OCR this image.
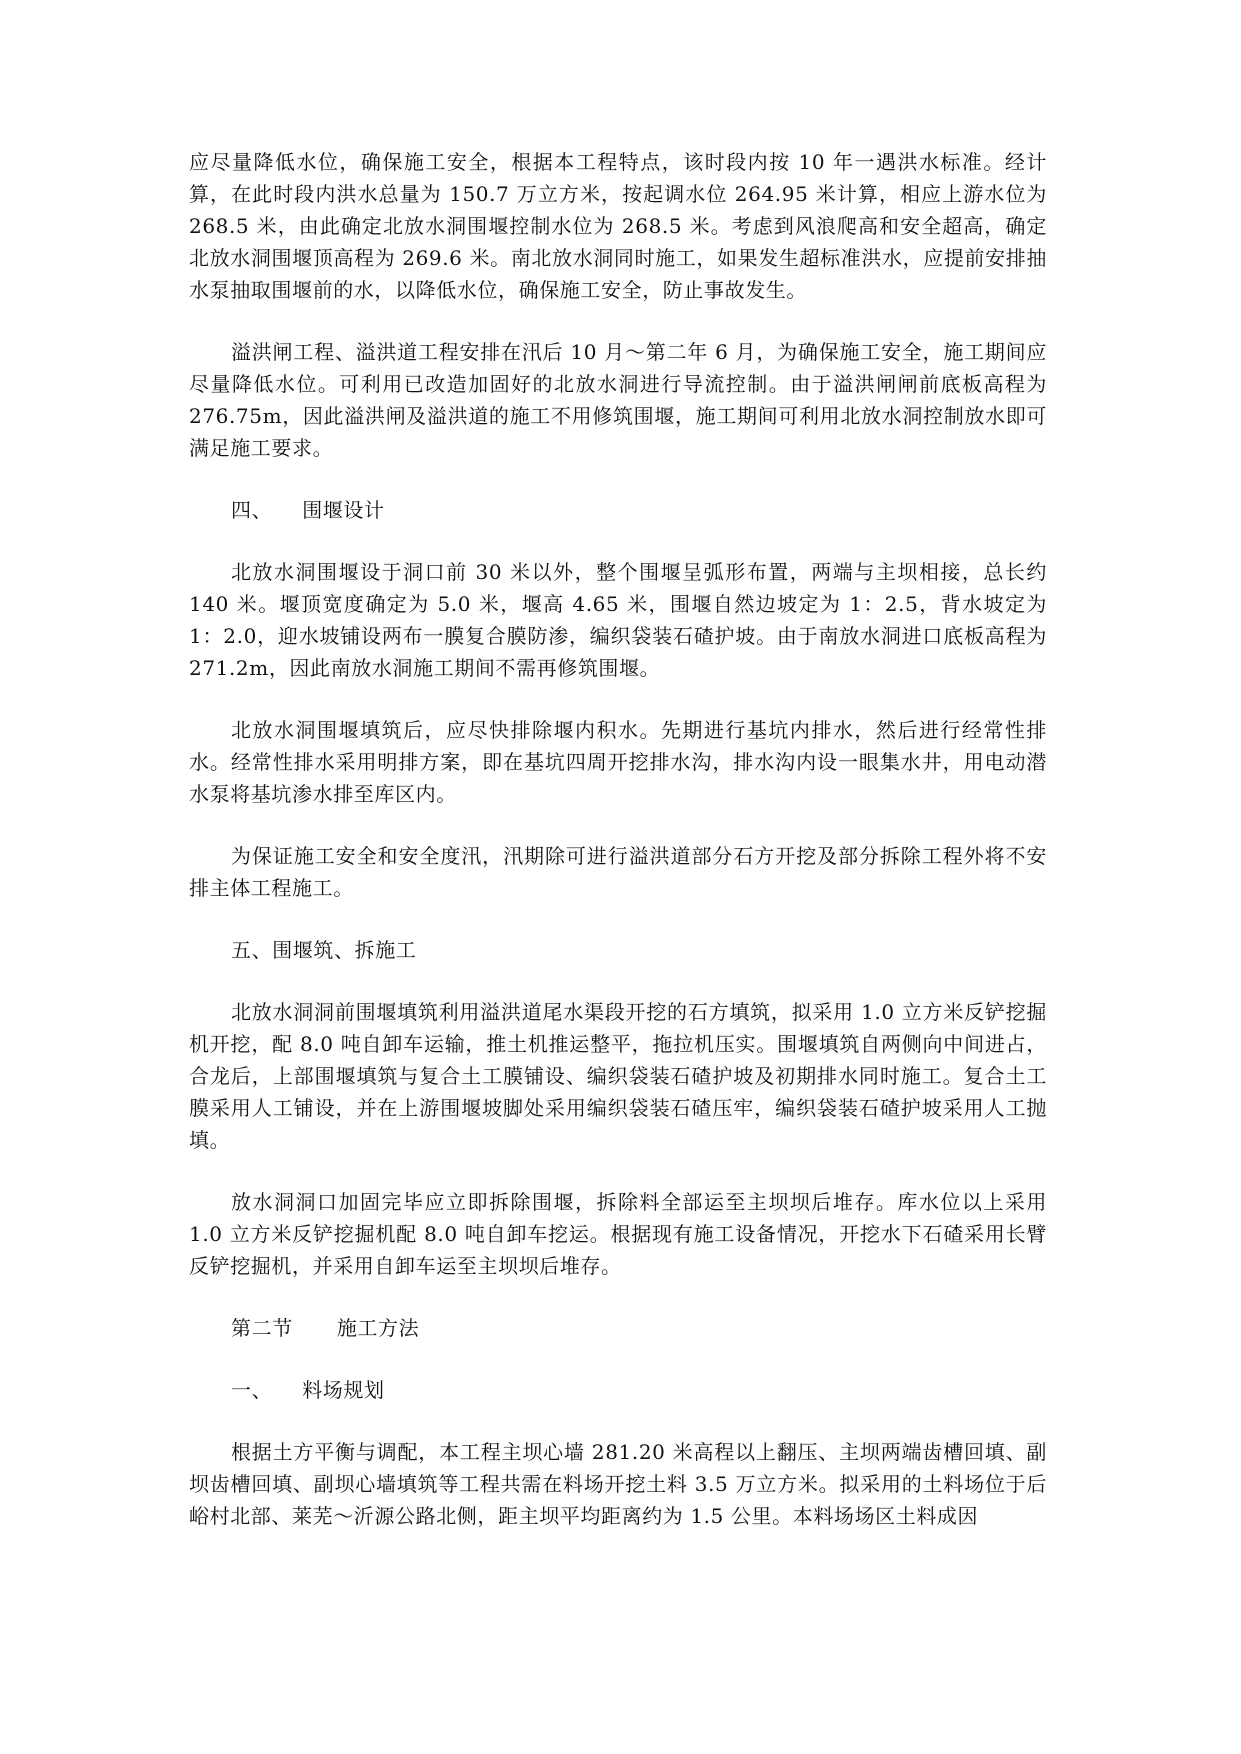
应尽量降低水位，确保施工安全，根据本工程特点，该时段内按 10 年一遇洪水标准。经计算，在此时段内洪水总量为 150.7 万立方米，按起调水位 264.95 米计算，相应上游水位为 268.5 米，由此确定北放水洞围堰控制水位为 268.5 米。考虑到风浪爬高和安全超高，确定北放水洞围堰顶高程为 269.6 米。南北放水洞同时施工，如果发生超标准洪水，应提前安排抽水泵抽取围堰前的水，以降低水位，确保施工安全，防止事故发生。

溢洪闸工程、溢洪道工程安排在汛后 10 月～第二年 6 月，为确保施工安全，施工期间应尽量降低水位。可利用已改造加固好的北放水洞进行导流控制。由于溢洪闸闸前底板高程为 276.75m，因此溢洪闸及溢洪道的施工不用修筑围堰，施工期间可利用北放水洞控制放水即可满足施工要求。

四、 围堰设计

北放水洞围堰设于洞口前 30 米以外，整个围堰呈弧形布置，两端与主坝相接，总长约 140 米。堰顶宽度确定为 5.0 米，堰高 4.65 米，围堰自然边坡定为 1：2.5，背水坡定为 1：2.0，迎水坡铺设两布一膜复合膜防渗，编织袋装石碴护坡。由于南放水洞进口底板高程为 271.2m，因此南放水洞施工期间不需再修筑围堰。

北放水洞围堰填筑后，应尽快排除堰内积水。先期进行基坑内排水，然后进行经常性排水。经常性排水采用明排方案，即在基坑四周开挖排水沟，排水沟内设一眼集水井，用电动潜水泵将基坑渗水排至库区内。

为保证施工安全和安全度汛，汛期除可进行溢洪道部分石方开挖及部分拆除工程外将不安排主体工程施工。

五、围堰筑、拆施工

北放水洞洞前围堰填筑利用溢洪道尾水渠段开挖的石方填筑，拟采用 1.0 立方米反铲挖掘机开挖，配 8.0 吨自卸车运输，推土机推运整平，拖拉机压实。围堰填筑自两侧向中间进占，合龙后，上部围堰填筑与复合土工膜铺设、编织袋装石碴护坡及初期排水同时施工。复合土工膜采用人工铺设，并在上游围堰坡脚处采用编织袋装石碴压牢，编织袋装石碴护坡采用人工抛填。

放水洞洞口加固完毕应立即拆除围堰，拆除料全部运至主坝坝后堆存。库水位以上采用 1.0 立方米反铲挖掘机配 8.0 吨自卸车挖运。根据现有施工设备情况，开挖水下石碴采用长臂反铲挖掘机，并采用自卸车运至主坝坝后堆存。

第二节 施工方法

一、 料场规划

根据土方平衡与调配，本工程主坝心墙 281.20 米高程以上翻压、主坝两端齿槽回填、副坝齿槽回填、副坝心墙填筑等工程共需在料场开挖土料 3.5 万立方米。拟采用的土料场位于后峪村北部、莱芜～沂源公路北侧，距主坝平均距离约为 1.5 公里。本料场场区土料成因
